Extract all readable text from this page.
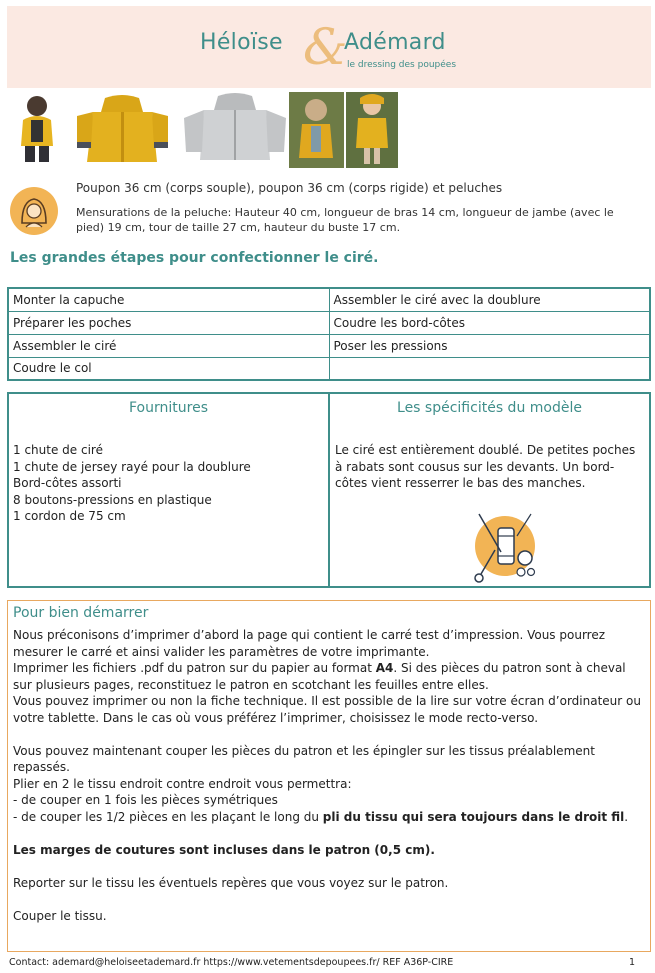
Héloïse &
Adémard
le dressing des poupées
Poupon 36 cm (corps souple), poupon 36 cm (corps rigide) et peluches
Mensurations de la peluche: Hauteur 40 cm, longueur de bras 14 cm, longueur de jambe (avec le pied) 19 cm, tour de taille 27 cm, hauteur du buste 17 cm.
Les grandes étapes pour confectionner le ciré.
Monter la capuche	Assembler le ciré avec la doublure
Préparer les poches	Coudre les bord-côtes
Assembler le ciré	Poser les pressions
Coudre le col	
Fournitures
1 chute de ciré
1 chute de jersey rayé pour la doublure
Bord-côtes assorti
8 boutons-pressions en plastique
1 cordon de 75 cm
Les spécificités du modèle
Le ciré est entièrement doublé. De petites poches à rabats sont cousus sur les devants. Un bord-côtes vient resserrer le bas des manches.
Pour bien démarrer

Nous préconisons d’imprimer d’abord la page qui contient le carré test d’impression. Vous pourrez mesurer le carré et ainsi valider les paramètres de votre imprimante.

Imprimer les fichiers .pdf du patron sur du papier au format A4. Si des pièces du patron sont à cheval sur plusieurs pages, reconstituez le patron en scotchant les feuilles entre elles.

Vous pouvez imprimer ou non la fiche technique. Il est possible de la lire sur votre écran d’ordinateur ou votre tablette. Dans le cas où vous préférez l’imprimer, choisissez le mode recto-verso.

Vous pouvez maintenant couper les pièces du patron et les épingler sur les tissus préalablement repassés.

Plier en 2 le tissu endroit contre endroit vous permettra:

- de couper en 1 fois les pièces symétriques

- de couper les 1/2 pièces en les plaçant le long du pli du tissu qui sera toujours dans le droit fil.

Les marges de coutures sont incluses dans le patron (0,5 cm).

Reporter sur le tissu les éventuels repères que vous voyez sur le patron.

Couper le tissu.

Contact: ademard@heloiseetademard.fr https://www.vetementsdepoupees.fr/ REF A36P-CIRE	1
